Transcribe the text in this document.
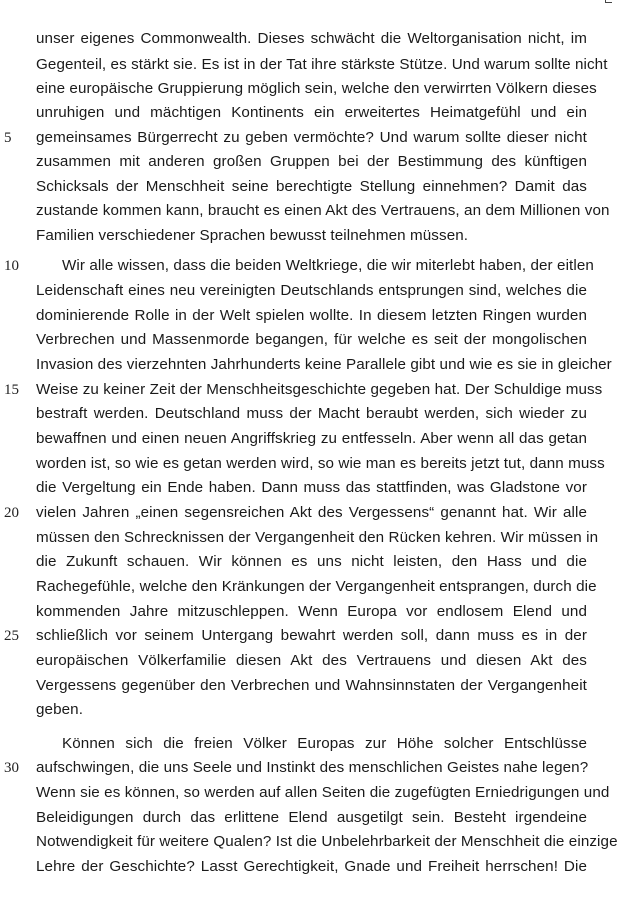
unser eigenes Commonwealth. Dieses schwächt die Weltorganisation nicht, im
Gegenteil, es stärkt sie. Es ist in der Tat ihre stärkste Stütze. Und warum sollte nicht
eine europäische Gruppierung möglich sein, welche den verwirrten Völkern dieses
unruhigen und mächtigen Kontinents ein erweitertes Heimatgefühl und ein
gemeinsames Bürgerrecht zu geben vermöchte? Und warum sollte dieser nicht
zusammen mit anderen großen Gruppen bei der Bestimmung des künftigen
Schicksals der Menschheit seine berechtigte Stellung einnehmen? Damit das
zustande kommen kann, braucht es einen Akt des Vertrauens, an dem Millionen von
Familien verschiedener Sprachen bewusst teilnehmen müssen.
Wir alle wissen, dass die beiden Weltkriege, die wir miterlebt haben, der eitlen
Leidenschaft eines neu vereinigten Deutschlands entsprungen sind, welches die
dominierende Rolle in der Welt spielen wollte. In diesem letzten Ringen wurden
Verbrechen und Massenmorde begangen, für welche es seit der mongolischen
Invasion des vierzehnten Jahrhunderts keine Parallele gibt und wie es sie in gleicher
Weise zu keiner Zeit der Menschheitsgeschichte gegeben hat. Der Schuldige muss
bestraft werden. Deutschland muss der Macht beraubt werden, sich wieder zu
bewaffnen und einen neuen Angriffskrieg zu entfesseln. Aber wenn all das getan
worden ist, so wie es getan werden wird, so wie man es bereits jetzt tut, dann muss
die Vergeltung ein Ende haben. Dann muss das stattfinden, was Gladstone vor
vielen Jahren „einen segensreichen Akt des Vergessens“ genannt hat. Wir alle
müssen den Schrecknissen der Vergangenheit den Rücken kehren. Wir müssen in
die Zukunft schauen. Wir können es uns nicht leisten, den Hass und die
Rachegefühle, welche den Kränkungen der Vergangenheit entsprangen, durch die
kommenden Jahre mitzuschleppen. Wenn Europa vor endlosem Elend und
schließlich vor seinem Untergang bewahrt werden soll, dann muss es in der
europäischen Völkerfamilie diesen Akt des Vertrauens und diesen Akt des
Vergessens gegenüber den Verbrechen und Wahnsinnstaten der Vergangenheit
geben.
Können sich die freien Völker Europas zur Höhe solcher Entschlüsse
aufschwingen, die uns Seele und Instinkt des menschlichen Geistes nahe legen?
Wenn sie es können, so werden auf allen Seiten die zugefügten Erniedrigungen und
Beleidigungen durch das erlittene Elend ausgetilgt sein. Besteht irgendeine
Notwendigkeit für weitere Qualen? Ist die Unbelehrbarkeit der Menschheit die einzige
Lehre der Geschichte? Lasst Gerechtigkeit, Gnade und Freiheit herrschen! Die
5
10
15
20
25
30
